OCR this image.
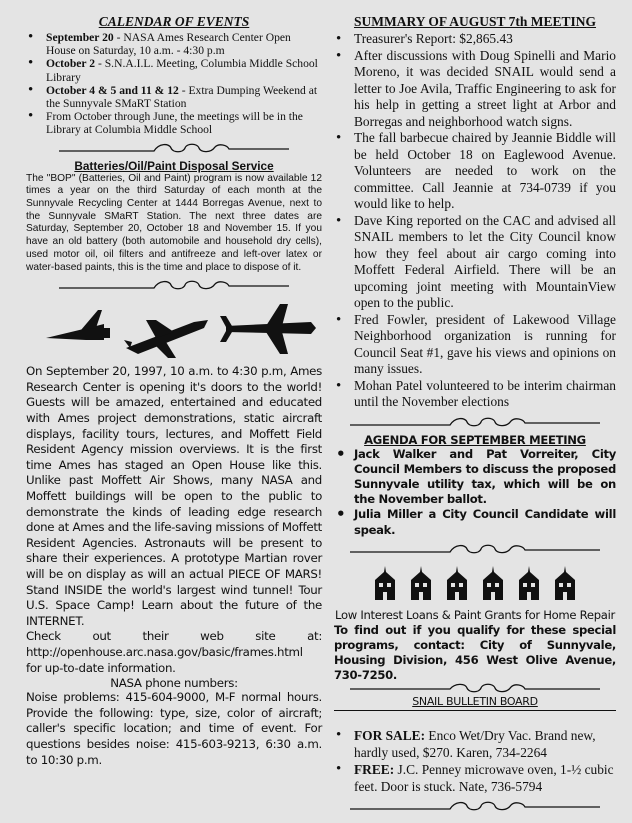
CALENDAR OF EVENTS
• September 20 - NASA Ames Research Center Open House on Saturday, 10 a.m. - 4:30 p.m
• October 2 - S.N.A.I.L. Meeting, Columbia Middle School Library
• October 4 & 5 and 11 & 12 - Extra Dumping Weekend at the Sunnyvale SMaRT Station
• From October through June, the meetings will be in the Library at Columbia Middle School

Batteries/Oil/Paint Disposal Service

The "BOP" (Batteries, Oil and Paint) program is now available 12 times a year on the third Saturday of each month at the Sunnyvale Recycling Center at 1444 Borregas Avenue, next to the Sunnyvale SMaRT Station. The next three dates are Saturday, September 20, October 18 and November 15. If you have an old battery (both automobile and household dry cells), used motor oil, oil filters and antifreeze and left-over latex or water-based paints, this is the time and place to dispose of it.

On September 20, 1997, 10 a.m. to 4:30 p.m, Ames Research Center is opening it's doors to the world! Guests will be amazed, entertained and educated with Ames project demonstrations, static aircraft displays, facility tours, lectures, and Moffett Field Resident Agency mission overviews. It is the first time Ames has staged an Open House like this. Unlike past Moffett Air Shows, many NASA and Moffett buildings will be open to the public to demonstrate the kinds of leading edge research done at Ames and the life-saving missions of Moffett Resident Agencies. Astronauts will be present to share their experiences. A prototype Martian rover will be on display as will an actual PIECE OF MARS! Stand INSIDE the world's largest wind tunnel! Tour U.S. Space Camp! Learn about the future of the INTERNET.

Check out their web site at:

http://openhouse.arc.nasa.gov/basic/frames.html

for up-to-date information.

NASA phone numbers:

Noise problems: 415-604-9000, M-F normal hours. Provide the following: type, size, color of aircraft; caller's specific location; and time of event. For questions besides noise: 415-603-9213, 6:30 a.m. to 10:30 p.m.

SUMMARY OF AUGUST 7th MEETING
• Treasurer's Report: $2,865.43
• After discussions with Doug Spinelli and Mario Moreno, it was decided SNAIL would send a letter to Joe Avila, Traffic Engineering to ask for his help in getting a street light at Arbor and Borregas and neighborhood watch signs.
• The fall barbecue chaired by Jeannie Biddle will be held October 18 on Eaglewood Avenue. Volunteers are needed to work on the committee. Call Jeannie at 734-0739 if you would like to help.
• Dave King reported on the CAC and advised all SNAIL members to let the City Council know how they feel about air cargo coming into Moffett Federal Airfield. There will be an upcoming joint meeting with MountainView open to the public.
• Fred Fowler, president of Lakewood Village Neighborhood organization is running for Council Seat #1, gave his views and opinions on many issues.
• Mohan Patel volunteered to be interim chairman until the November elections

AGENDA FOR SEPTEMBER MEETING

• Jack Walker and Pat Vorreiter, City Council Members to discuss the proposed Sunnyvale utility tax, which will be on the November ballot.
• Julia Miller a City Council Candidate will speak.

Low Interest Loans & Paint Grants for Home Repair

To find out if you qualify for these special programs, contact: City of Sunnyvale, Housing Division, 456 West Olive Avenue, 730-7250.

SNAIL BULLETIN BOARD

• FOR SALE: Enco Wet/Dry Vac. Brand new, hardly used, $270. Karen, 734-2264
• FREE: J.C. Penney microwave oven, 1-½ cubic feet. Door is stuck. Nate, 736-5794
